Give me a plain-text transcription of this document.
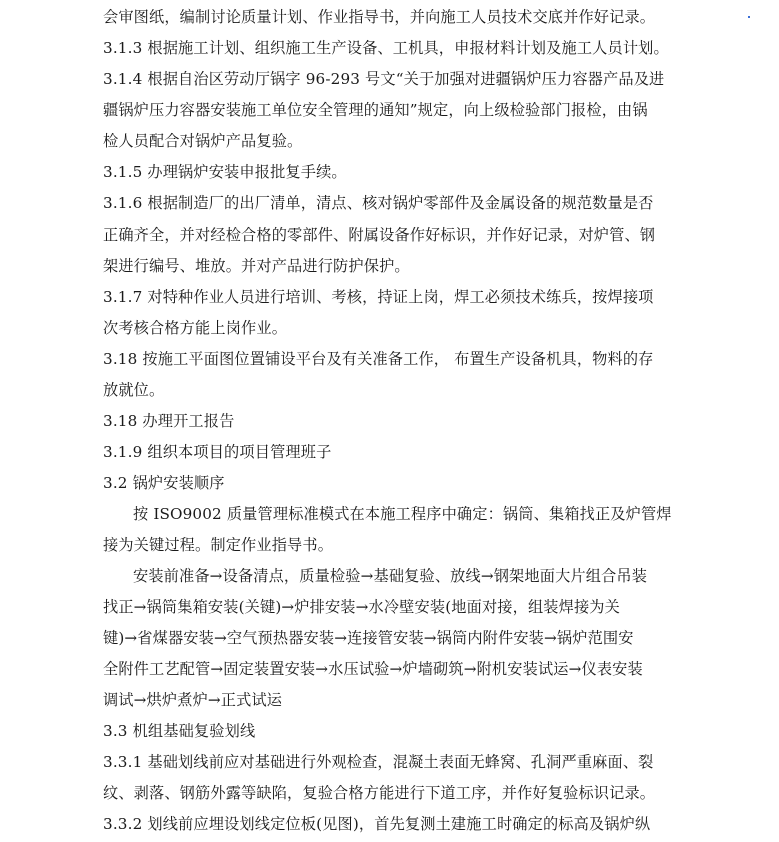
会审图纸，编制讨论质量计划、作业指导书，并向施工人员技术交底并作好记录。
3.1.3 根据施工计划、组织施工生产设备、工机具，申报材料计划及施工人员计划。
3.1.4 根据自治区劳动厅锅字 96-293 号文“关于加强对进疆锅炉压力容器产品及进
疆锅炉压力容器安装施工单位安全管理的通知”规定，向上级检验部门报检，由锅
检人员配合对锅炉产品复验。
3.1.5 办理锅炉安装申报批复手续。
3.1.6 根据制造厂的出厂清单，清点、核对锅炉零部件及金属设备的规范数量是否
正确齐全，并对经检合格的零部件、附属设备作好标识，并作好记录，对炉管、钢
架进行编号、堆放。并对产品进行防护保护。
3.1.7 对特种作业人员进行培训、考核，持证上岗，焊工必须技术练兵，按焊接项
次考核合格方能上岗作业。
3.18 按施工平面图位置铺设平台及有关准备工作， 布置生产设备机具，物料的存
放就位。
3.18 办理开工报告
3.1.9 组织本项目的项目管理班子
3.2 锅炉安装顺序
按 ISO9002 质量管理标准模式在本施工程序中确定：锅筒、集箱找正及炉管焊
接为关键过程。制定作业指导书。
安装前准备→设备清点，质量检验→基础复验、放线→钢架地面大片组合吊装
找正→锅筒集箱安装(关键)→炉排安装→水冷壁安装(地面对接，组装焊接为关
键)→省煤器安装→空气预热器安装→连接管安装→锅筒内附件安装→锅炉范围安
全附件工艺配管→固定装置安装→水压试验→炉墙砌筑→附机安装试运→仪表安装
调试→烘炉煮炉→正式试运
3.3 机组基础复验划线
3.3.1 基础划线前应对基础进行外观检查，混凝土表面无蜂窝、孔洞严重麻面、裂
纹、剥落、钢筋外露等缺陷，复验合格方能进行下道工序，并作好复验标识记录。
3.3.2 划线前应埋设划线定位板(见图)，首先复测土建施工时确定的标高及锅炉纵
